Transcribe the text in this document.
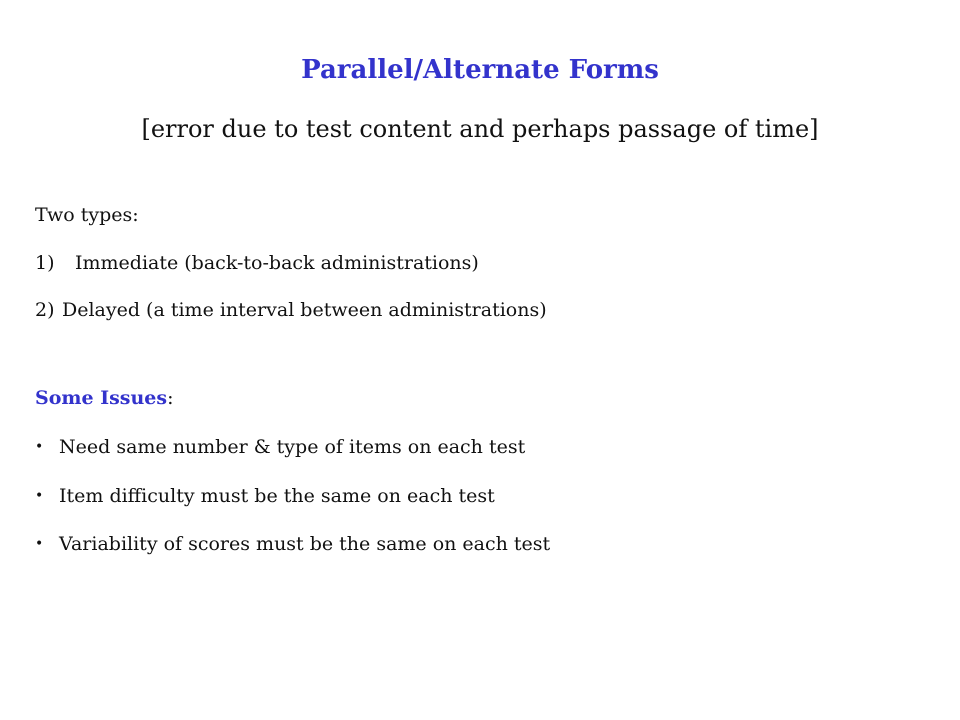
Parallel/Alternate Forms
[error due to test content and perhaps passage of time]
Two types:
1) Immediate (back-to-back administrations)
2) Delayed (a time interval between administrations)
Some Issues:
• Need same number & type of items on each test
• Item difficulty must be the same on each test
• Variability of scores must be the same on each test
